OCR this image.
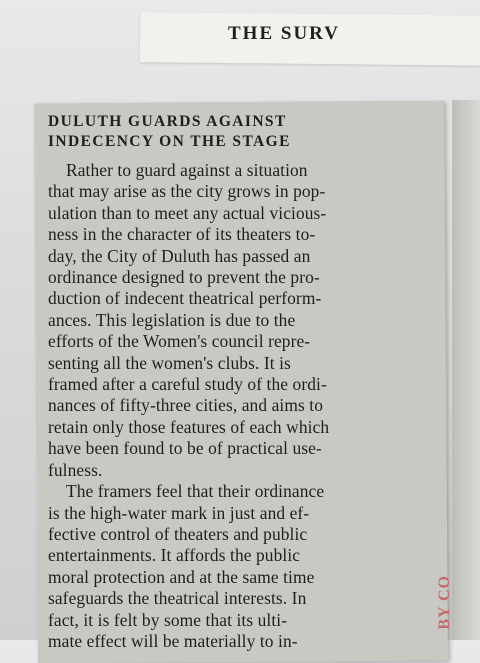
THE SURV
DULUTH GUARDS AGAINST
INDECENCY ON THE STAGE
Rather to guard against a situation
that may arise as the city grows in pop-
ulation than to meet any actual vicious-
ness in the character of its theaters to-
day, the City of Duluth has passed an
ordinance designed to prevent the pro-
duction of indecent theatrical perform-
ances. This legislation is due to the
efforts of the Women's council repre-
senting all the women's clubs. It is
framed after a careful study of the ordi-
nances of fifty-three cities, and aims to
retain only those features of each which
have been found to be of practical use-
fulness.
The framers feel that their ordinance
is the high-water mark in just and ef-
fective control of theaters and public
entertainments. It affords the public
moral protection and at the same time
safeguards the theatrical interests. In
fact, it is felt by some that its ulti-
mate effect will be materially to in-
BY CO
